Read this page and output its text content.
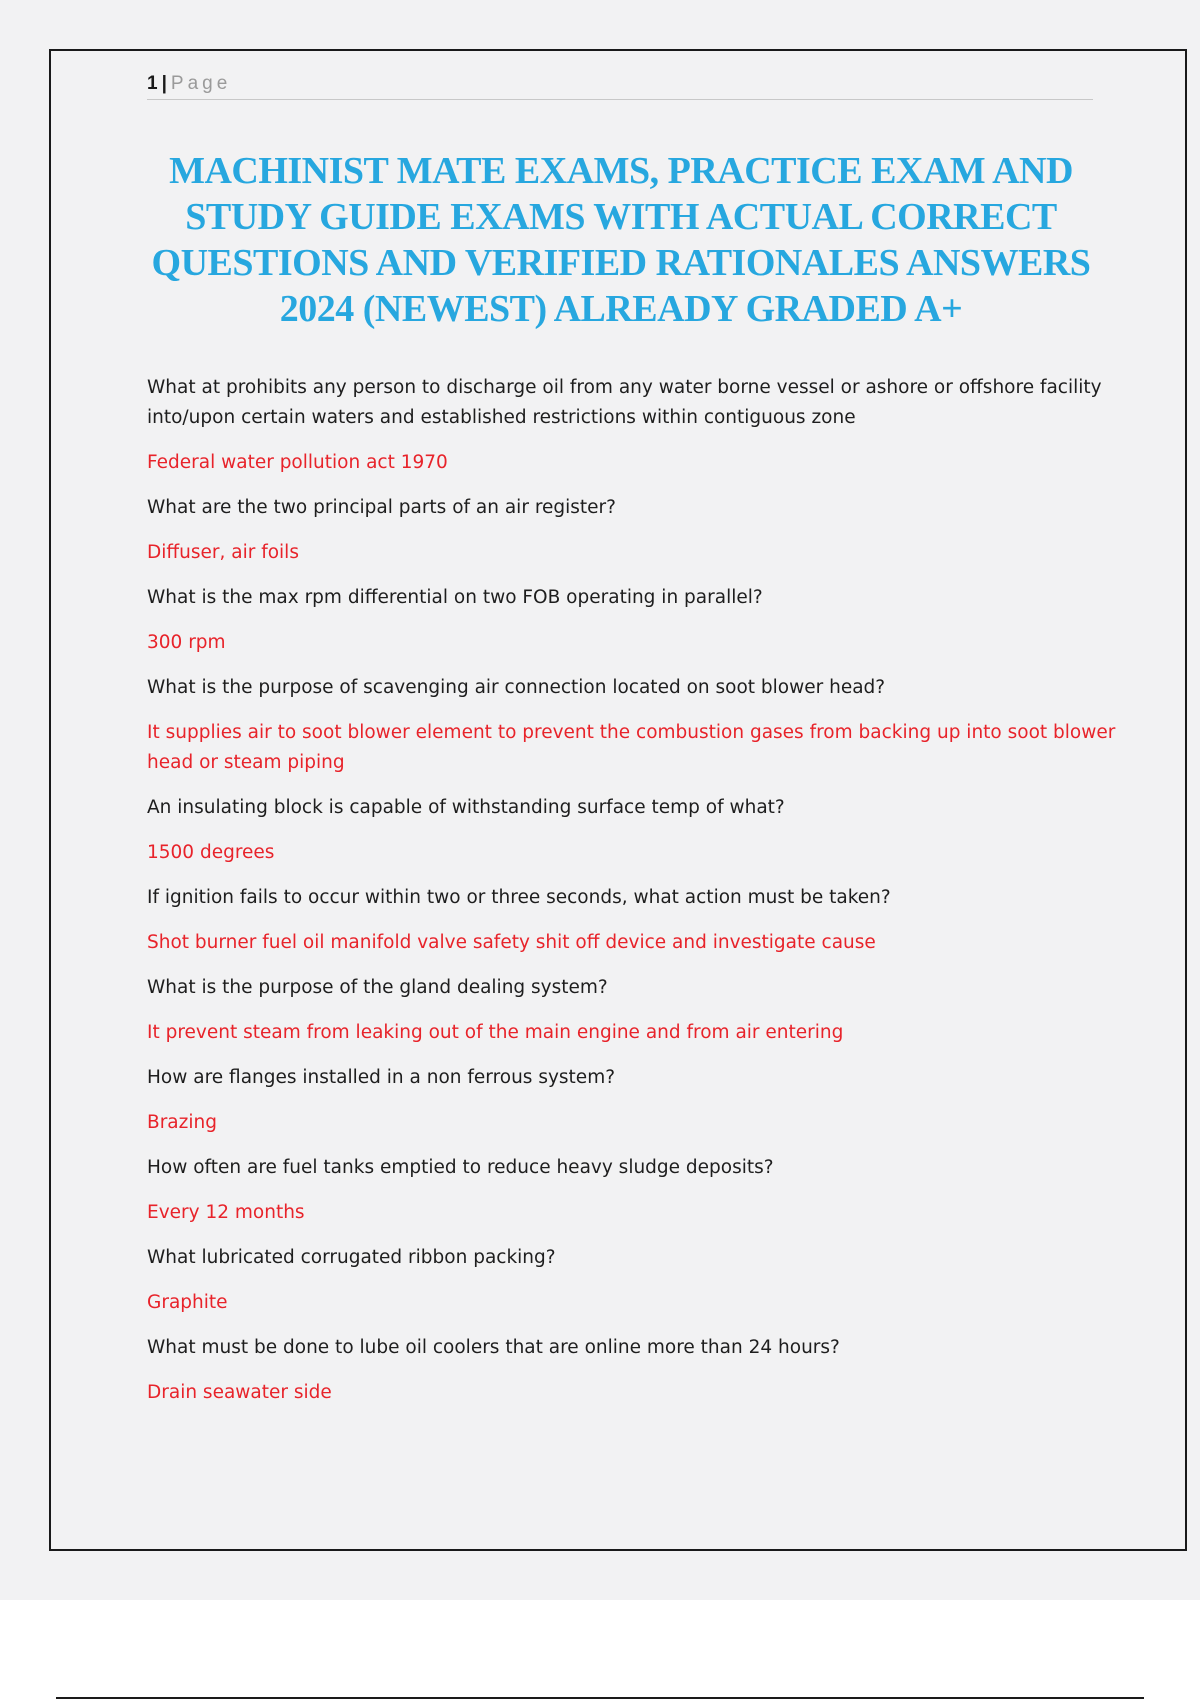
1 | Page
MACHINIST MATE EXAMS, PRACTICE EXAM AND STUDY GUIDE EXAMS WITH ACTUAL CORRECT QUESTIONS AND VERIFIED RATIONALES ANSWERS 2024 (NEWEST) ALREADY GRADED A+

What at prohibits any person to discharge oil from any water borne vessel or ashore or offshore facility into/upon certain waters and established restrictions within contiguous zone

Federal water pollution act 1970

What are the two principal parts of an air register?

Diffuser, air foils

What is the max rpm differential on two FOB operating in parallel?

300 rpm

What is the purpose of scavenging air connection located on soot blower head?

It supplies air to soot blower element to prevent the combustion gases from backing up into soot blower head or steam piping

An insulating block is capable of withstanding surface temp of what?

1500 degrees

If ignition fails to occur within two or three seconds, what action must be taken?

Shot burner fuel oil manifold valve safety shit off device and investigate cause

What is the purpose of the gland dealing system?

It prevent steam from leaking out of the main engine and from air entering

How are flanges installed in a non ferrous system?

Brazing

How often are fuel tanks emptied to reduce heavy sludge deposits?

Every 12 months

What lubricated corrugated ribbon packing?

Graphite

What must be done to lube oil coolers that are online more than 24 hours?

Drain seawater side
